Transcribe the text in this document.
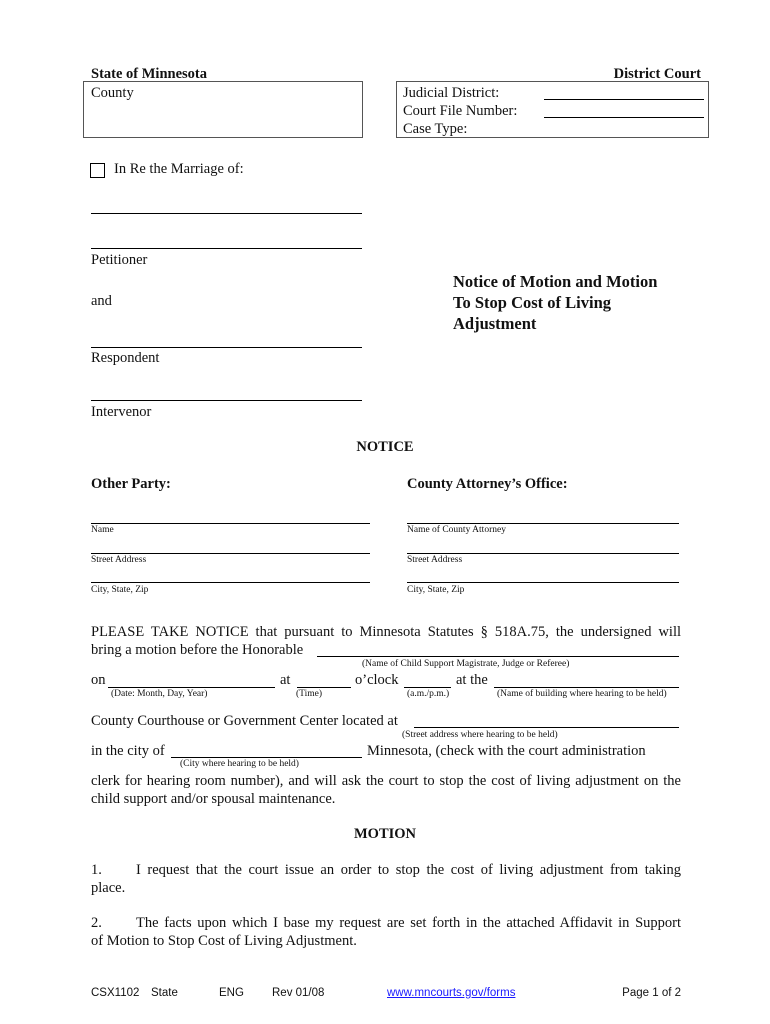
State of Minnesota	District Court
County	Judicial District:
Court File Number:
Case Type:
In Re the Marriage of:
Petitioner
and
Respondent
Intervenor
Notice of Motion and Motion
To Stop Cost of Living
Adjustment
NOTICE
Other Party:	County Attorney’s Office:
Name
Street Address
City, State, Zip
Name of County Attorney
Street Address
City, State, Zip
PLEASE TAKE NOTICE that pursuant to Minnesota Statutes § 518A.75, the undersigned will
bring a motion before the Honorable
(Name of Child Support Magistrate, Judge or Referee)
on	at	o’clock	at the
(Date: Month, Day, Year)	(Time)	(a.m./p.m.)	(Name of building where hearing to be held)
County Courthouse or Government Center located at
(Street address where hearing to be held)
in the city of	Minnesota, (check with the court administration
(City where hearing to be held)
clerk for hearing room number), and will ask the court to stop the cost of living adjustment on the
child support and/or spousal maintenance.
MOTION
1. I request that the court issue an order to stop the cost of living adjustment from taking
place.
2. The facts upon which I base my request are set forth in the attached Affidavit in Support
of Motion to Stop Cost of Living Adjustment.
CSX1102 State	ENG Rev 01/08	www.mncourts.gov/forms	Page 1 of 2
